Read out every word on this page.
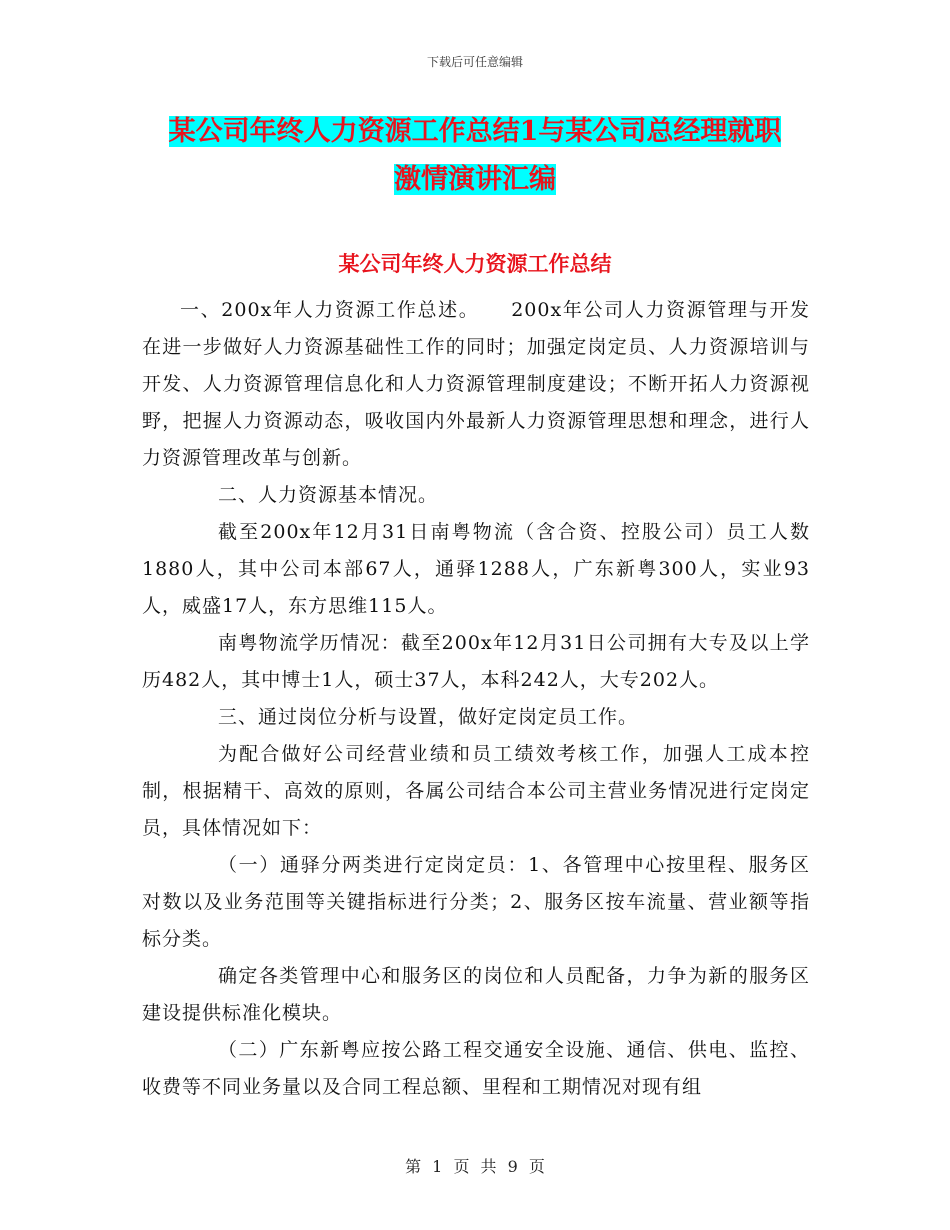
下载后可任意编辑
某公司年终人力资源工作总结1与某公司总经理就职
激情演讲汇编
某公司年终人力资源工作总结

一、200x年人力资源工作总述。　　200x年公司人力资源管理与开发在进一步做好人力资源基础性工作的同时；加强定岗定员、人力资源培训与开发、人力资源管理信息化和人力资源管理制度建设；不断开拓人力资源视野，把握人力资源动态，吸收国内外最新人力资源管理思想和理念，进行人力资源管理改革与创新。

二、人力资源基本情况。

截至200x年12月31日南粤物流（含合资、控股公司）员工人数1880人，其中公司本部67人，通驿1288人，广东新粤300人，实业93人，威盛17人，东方思维115人。

南粤物流学历情况：截至200x年12月31日公司拥有大专及以上学历482人，其中博士1人，硕士37人，本科242人，大专202人。

三、通过岗位分析与设置，做好定岗定员工作。

为配合做好公司经营业绩和员工绩效考核工作，加强人工成本控制，根据精干、高效的原则，各属公司结合本公司主营业务情况进行定岗定员，具体情况如下：

（一）通驿分两类进行定岗定员：1、各管理中心按里程、服务区对数以及业务范围等关键指标进行分类；2、服务区按车流量、营业额等指标分类。

确定各类管理中心和服务区的岗位和人员配备，力争为新的服务区建设提供标准化模块。

（二）广东新粤应按公路工程交通安全设施、通信、供电、监控、收费等不同业务量以及合同工程总额、里程和工期情况对现有组

第 1 页 共 9 页
